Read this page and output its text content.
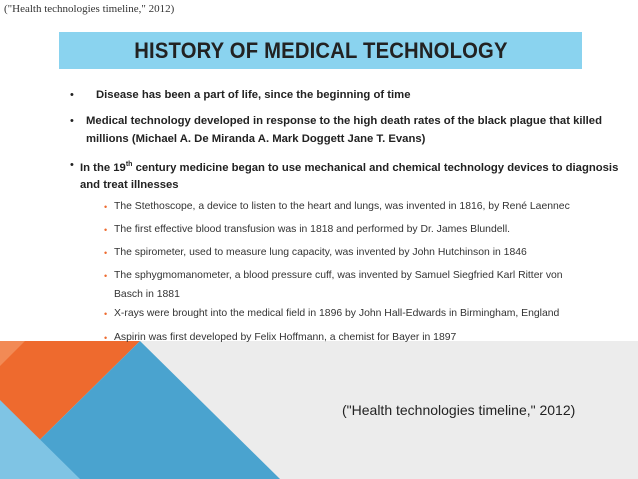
("Health technologies timeline," 2012)
HISTORY OF MEDICAL TECHNOLOGY
• Disease has been a part of life, since the beginning of time
• Medical technology developed in response to the high death rates of the black plague that killed
millions (Michael A. De Miranda A. Mark Doggett Jane T. Evans)
• In the 19th century medicine began to use mechanical and chemical technology devices to diagnosis
and treat illnesses
• The Stethoscope, a device to listen to the heart and lungs, was invented in 1816, by René Laennec
• The first effective blood transfusion was in 1818 and performed by Dr. James Blundell.
• The spirometer, used to measure lung capacity, was invented by John Hutchinson in 1846
• The sphygmomanometer, a blood pressure cuff, was invented by Samuel Siegfried Karl Ritter von
Basch in 1881
• X-rays were brought into the medical field in 1896 by John Hall-Edwards in Birmingham, England
• Aspirin was first developed by Felix Hoffmann, a chemist for Bayer in 1897
("Health technologies timeline," 2012)
